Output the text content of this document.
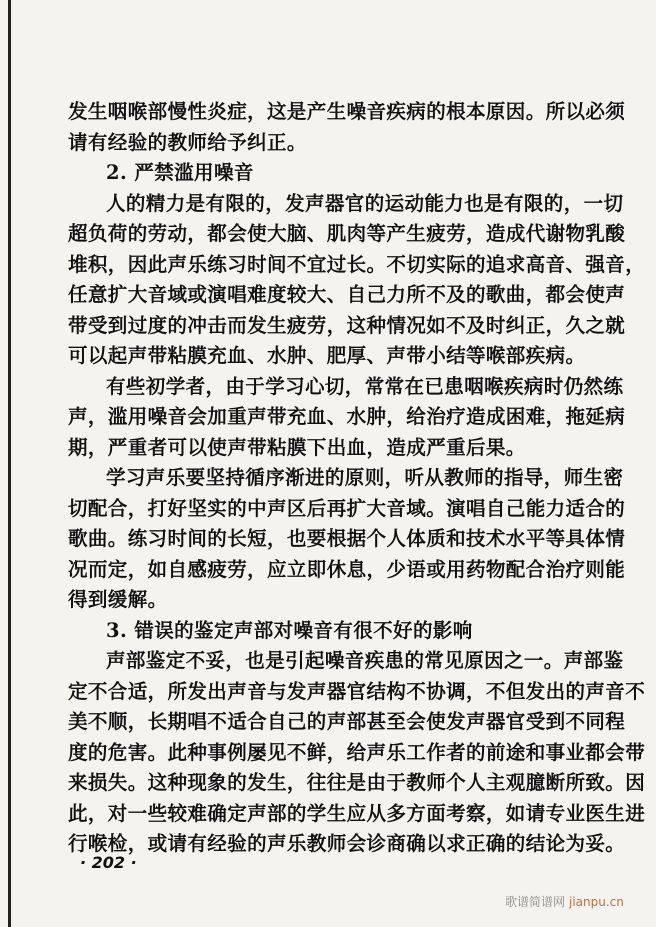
发生咽喉部慢性炎症，这是产生噪音疾病的根本原因。所以必须
请有经验的教师给予纠正。
2. 严禁滥用噪音
人的精力是有限的，发声器官的运动能力也是有限的，一切
超负荷的劳动，都会使大脑、肌肉等产生疲劳，造成代谢物乳酸
堆积，因此声乐练习时间不宜过长。不切实际的追求高音、强音，
任意扩大音域或演唱难度较大、自己力所不及的歌曲，都会使声
带受到过度的冲击而发生疲劳，这种情况如不及时纠正，久之就
可以起声带粘膜充血、水肿、肥厚、声带小结等喉部疾病。
有些初学者，由于学习心切，常常在已患咽喉疾病时仍然练
声，滥用噪音会加重声带充血、水肿，给治疗造成困难，拖延病
期，严重者可以使声带粘膜下出血，造成严重后果。
学习声乐要坚持循序渐进的原则，听从教师的指导，师生密
切配合，打好坚实的中声区后再扩大音域。演唱自己能力适合的
歌曲。练习时间的长短，也要根据个人体质和技术水平等具体情
况而定，如自感疲劳，应立即休息，少语或用药物配合治疗则能
得到缓解。
3. 错误的鉴定声部对噪音有很不好的影响
声部鉴定不妥，也是引起噪音疾患的常见原因之一。声部鉴
定不合适，所发出声音与发声器官结构不协调，不但发出的声音不
美不顺，长期唱不适合自己的声部甚至会使发声器官受到不同程
度的危害。此种事例屡见不鲜，给声乐工作者的前途和事业都会带
来损失。这种现象的发生，往往是由于教师个人主观臆断所致。因
此，对一些较难确定声部的学生应从多方面考察，如请专业医生进
行喉检，或请有经验的声乐教师会诊商确以求正确的结论为妥。
· 202 ·
歌谱简谱网 jianpu.cn
